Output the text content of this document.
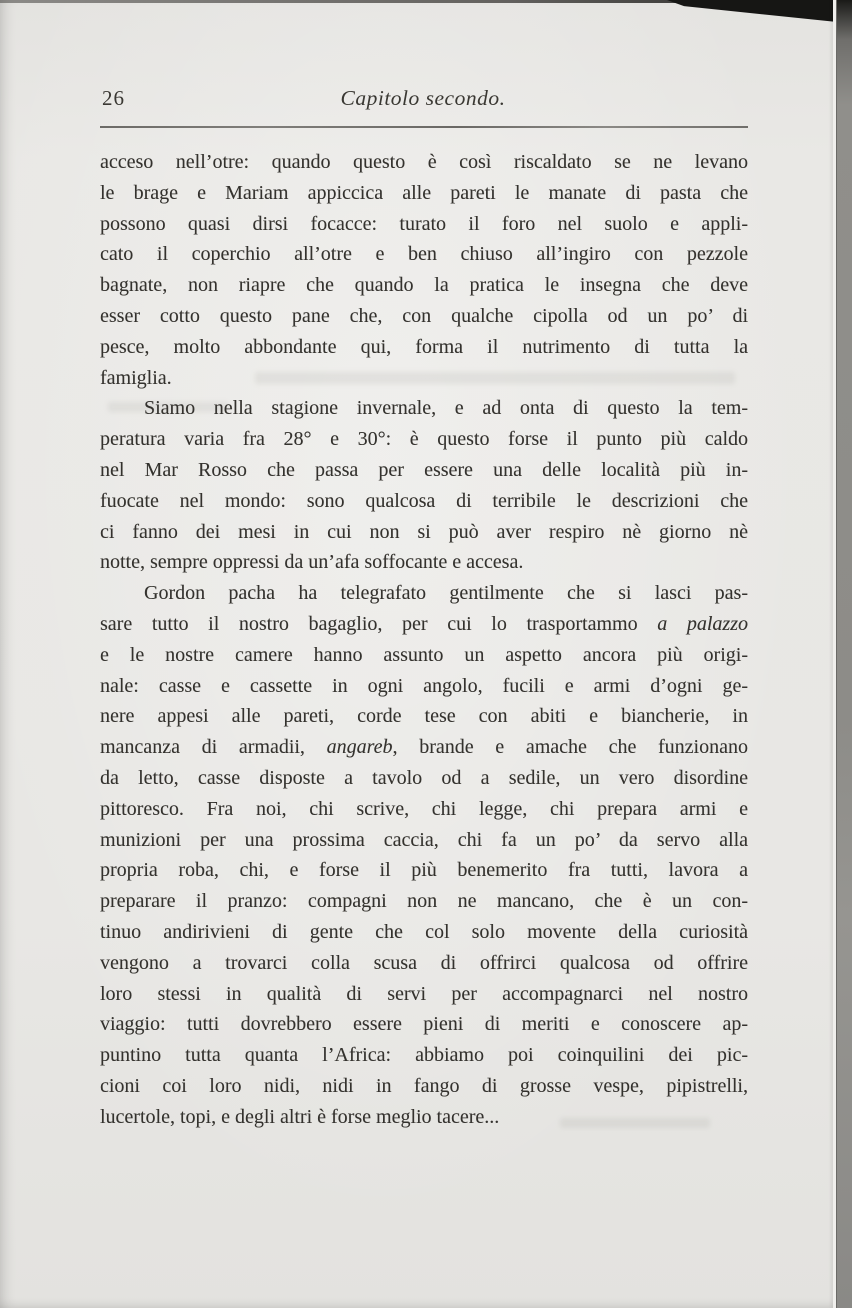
26	Capitolo secondo.
acceso nell’otre: quando questo è così riscaldato se ne levano
le brage e Mariam appiccica alle pareti le manate di pasta che
possono quasi dirsi focacce: turato il foro nel suolo e appli-
cato il coperchio all’otre e ben chiuso all’ingiro con pezzole
bagnate, non riapre che quando la pratica le insegna che deve
esser cotto questo pane che, con qualche cipolla od un po’ di
pesce, molto abbondante qui, forma il nutrimento di tutta la
famiglia.
Siamo nella stagione invernale, e ad onta di questo la tem-
peratura varia fra 28° e 30°: è questo forse il punto più caldo
nel Mar Rosso che passa per essere una delle località più in-
fuocate nel mondo: sono qualcosa di terribile le descrizioni che
ci fanno dei mesi in cui non si può aver respiro nè giorno nè
notte, sempre oppressi da un’afa soffocante e accesa.
Gordon pacha ha telegrafato gentilmente che si lasci pas-
sare tutto il nostro bagaglio, per cui lo trasportammo a palazzo
e le nostre camere hanno assunto un aspetto ancora più origi-
nale: casse e cassette in ogni angolo, fucili e armi d’ogni ge-
nere appesi alle pareti, corde tese con abiti e biancherie, in
mancanza di armadii, angareb, brande e amache che funzionano
da letto, casse disposte a tavolo od a sedile, un vero disordine
pittoresco. Fra noi, chi scrive, chi legge, chi prepara armi e
munizioni per una prossima caccia, chi fa un po’ da servo alla
propria roba, chi, e forse il più benemerito fra tutti, lavora a
preparare il pranzo: compagni non ne mancano, che è un con-
tinuo andirivieni di gente che col solo movente della curiosità
vengono a trovarci colla scusa di offrirci qualcosa od offrire
loro stessi in qualità di servi per accompagnarci nel nostro
viaggio: tutti dovrebbero essere pieni di meriti e conoscere ap-
puntino tutta quanta l’Africa: abbiamo poi coinquilini dei pic-
cioni coi loro nidi, nidi in fango di grosse vespe, pipistrelli,
lucertole, topi, e degli altri è forse meglio tacere...
